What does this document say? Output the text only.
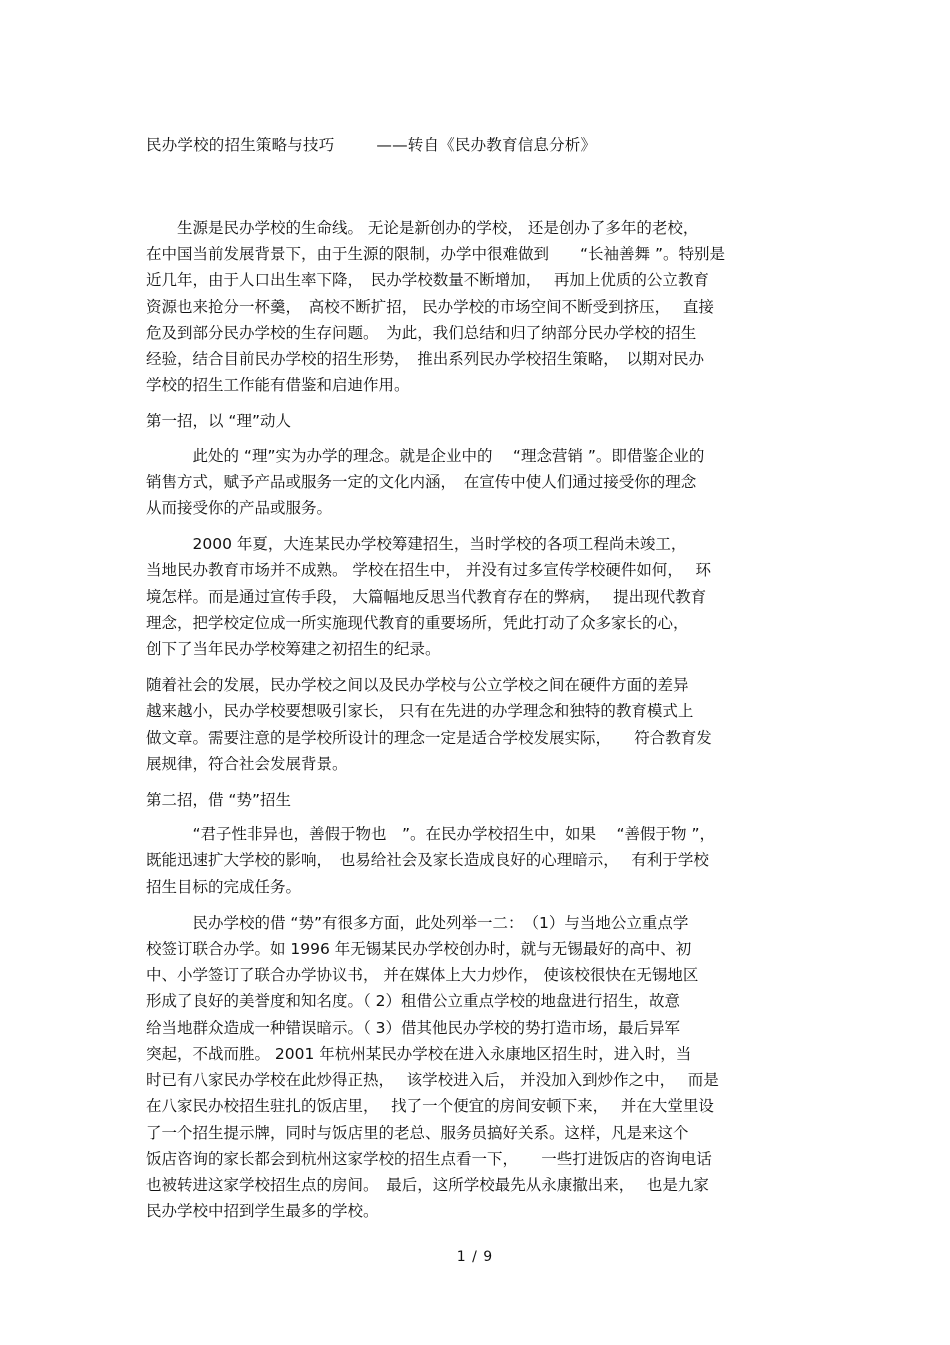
民办学校的招生策略与技巧	——转自《民办教育信息分析》

　　生源是民办学校的生命线。 无论是新创办的学校， 还是创办了多年的老校，

在中国当前发展背景下，由于生源的限制，办学中很难做到　　“长袖善舞 ”。特别是

近几年，由于人口出生率下降，　民办学校数量不断增加，　 再加上优质的公立教育

资源也来抢分一杯羹，　高校不断扩招， 民办学校的市场空间不断受到挤压，　 直接

危及到部分民办学校的生存问题。　为此，我们总结和归了纳部分民办学校的招生

经验，结合目前民办学校的招生形势，　推出系列民办学校招生策略，　以期对民办

学校的招生工作能有借鉴和启迪作用。

第一招，以 “理”动人

　　　此处的 “理”实为办学的理念。就是企业中的　 “理念营销 ”。即借鉴企业的

销售方式，赋予产品或服务一定的文化内涵，　在宣传中使人们通过接受你的理念

从而接受你的产品或服务。

　　　2000 年夏，大连某民办学校筹建招生，当时学校的各项工程尚未竣工，

当地民办教育市场并不成熟。 学校在招生中， 并没有过多宣传学校硬件如何，　 环

境怎样。而是通过宣传手段， 大篇幅地反思当代教育存在的弊病，　 提出现代教育

理念，把学校定位成一所实施现代教育的重要场所，凭此打动了众多家长的心，

创下了当年民办学校筹建之初招生的纪录。

随着社会的发展，民办学校之间以及民办学校与公立学校之间在硬件方面的差异

越来越小，民办学校要想吸引家长， 只有在先进的办学理念和独特的教育模式上

做文章。需要注意的是学校所设计的理念一定是适合学校发展实际，　　符合教育发

展规律，符合社会发展背景。

第二招，借 “势”招生

　　　“君子性非异也，善假于物也　”。在民办学校招生中，如果　 “善假于物 ”，

既能迅速扩大学校的影响，　也易给社会及家长造成良好的心理暗示，　 有利于学校

招生目标的完成任务。

　　　民办学校的借 “势”有很多方面，此处列举一二：　（1）与当地公立重点学

校签订联合办学。如 1996 年无锡某民办学校创办时，就与无锡最好的高中、初

中、小学签订了联合办学协议书， 并在媒体上大力炒作， 使该校很快在无锡地区

形成了良好的美誉度和知名度。（ 2）租借公立重点学校的地盘进行招生，故意

给当地群众造成一种错误暗示。（ 3）借其他民办学校的势打造市场，最后异军

突起，不战而胜。 2001 年杭州某民办学校在进入永康地区招生时，进入时，当

时已有八家民办学校在此炒得正热，　 该学校进入后， 并没加入到炒作之中，　 而是

在八家民办校招生驻扎的饭店里，　 找了一个便宜的房间安顿下来，　 并在大堂里设

了一个招生提示牌，同时与饭店里的老总、服务员搞好关系。这样，凡是来这个

饭店咨询的家长都会到杭州这家学校的招生点看一下，　　一些打进饭店的咨询电话

也被转进这家学校招生点的房间。　最后，这所学校最先从永康撤出来，　 也是九家

民办学校中招到学生最多的学校。

1 / 9
